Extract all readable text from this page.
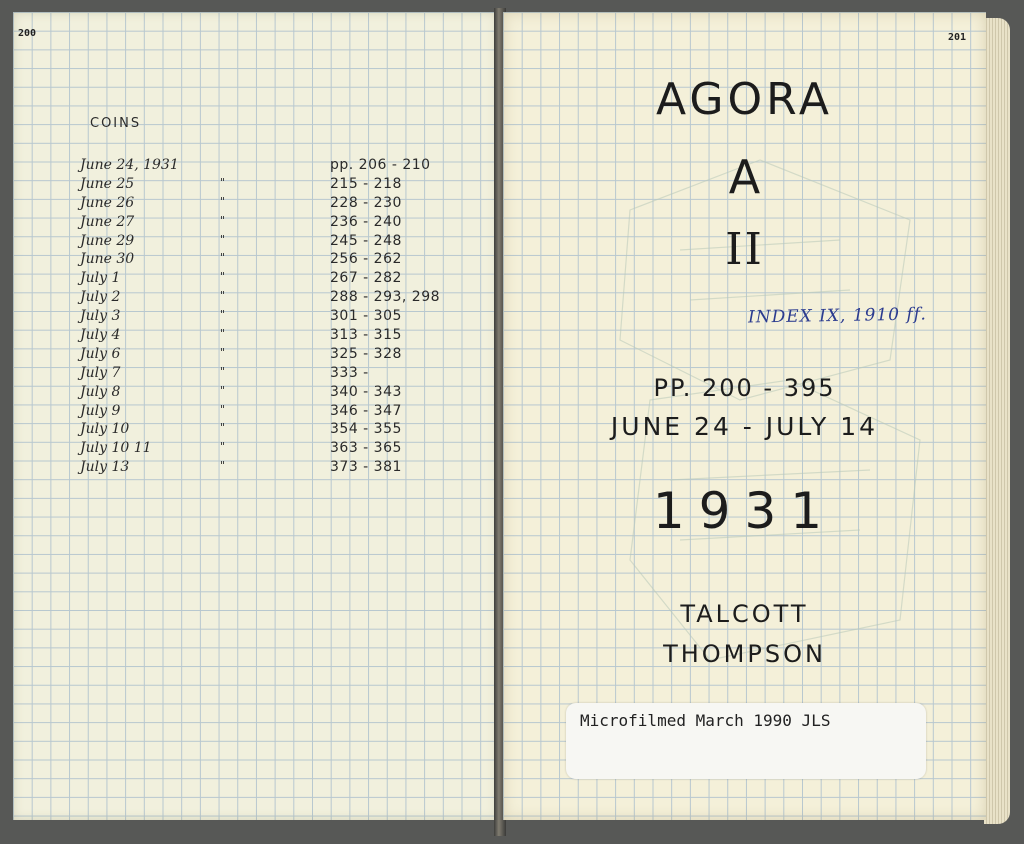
200
COINS
June 24, 1931	pp. 206 - 210
June 25	"	215 - 218
June 26	"	228 - 230
June 27	"	236 - 240
June 29	"	245 - 248
June 30	"	256 - 262
July 1	"	267 - 282
July 2	"	288 - 293, 298
July 3	"	301 - 305
July 4	"	313 - 315
July 6	"	325 - 328
July 7	"	333 -
July 8	"	340 - 343
July 9	"	346 - 347
July 10	"	354 - 355
July 10 11	"	363 - 365
July 13	"	373 - 381
201
AGORA
A
II
INDEX IX, 1910 ff.
PP. 200 - 395
JUNE 24 - JULY 14
1931
TALCOTT
THOMPSON
Microfilmed March 1990 JLS
